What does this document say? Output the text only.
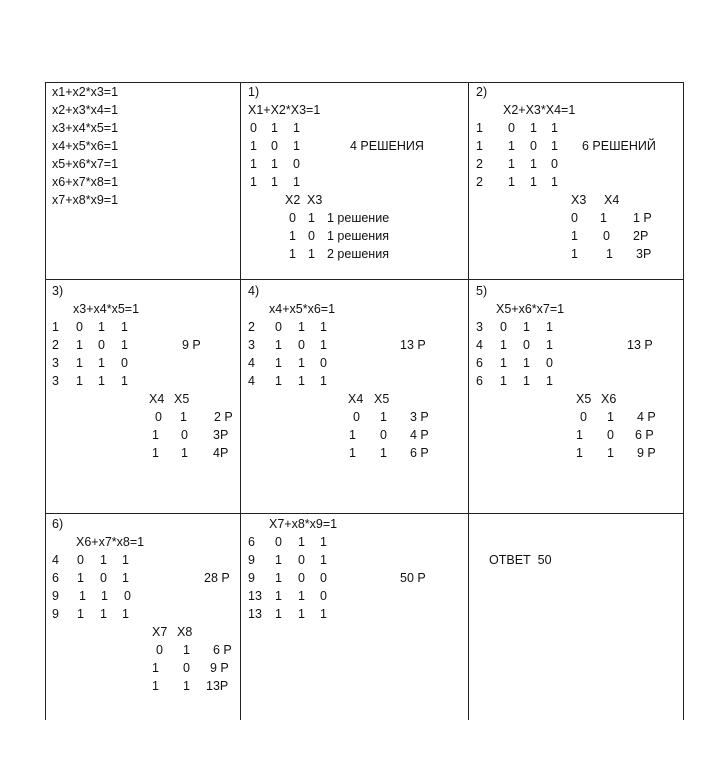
x1+x2*x3=1
x2+x3*x4=1
x3+x4*x5=1
x4+x5*x6=1
x5+x6*x7=1
x6+x7*x8=1
x7+x8*x9=1
1)
X1+X2*X3=1
0 1 1
1 0 1
1 1 0
1 1 1
4 РЕШЕНИЯ
X2 X3
0 1 1 решение
1 0 1 решения
1 1 2 решения
2)
X2+X3*X4=1
1 0 1 1
1 1 0 1
2 1 1 0
2 1 1 1
6 РЕШЕНИЙ
X3 X4
0 1 1 Р
1 0 2Р
1 1 3Р
3)
x3+x4*x5=1
1 0 1 1
2 1 0 1
3 1 1 0
3 1 1 1
9 Р
X4 X5
0 1 2 Р
1 0 3Р
1 1 4Р
4)
x4+x5*x6=1
2 0 1 1
3 1 0 1
4 1 1 0
4 1 1 1
13 Р
X4 X5
0 1 3 Р
1 0 4 Р
1 1 6 Р
5)
X5+x6*x7=1
3 0 1 1
4 1 0 1
6 1 1 0
6 1 1 1
13 Р
X5 X6
0 1 4 Р
1 0 6 Р
1 1 9 Р
6)
X6+x7*x8=1
4 0 1 1
6 1 0 1
9 1 1 0
9 1 1 1
28 Р
X7 X8
0 1 6 Р
1 0 9 Р
1 1 13Р
X7+x8*x9=1
6 0 1 1
9 1 0 1
9 1 0 0
13 1 1 0
13 1 1 1
50 Р
ОТВЕТ  50
